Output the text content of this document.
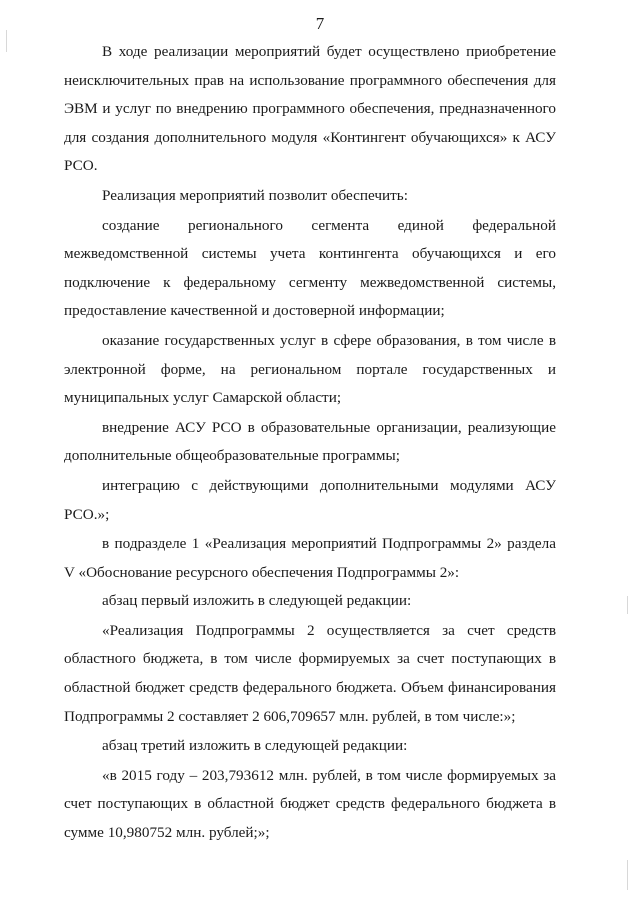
7

В ходе реализации мероприятий будет осуществлено приобретение неисключительных прав на использование программного обеспечения для ЭВМ и услуг по внедрению программного обеспечения, предназначенного для создания дополнительного модуля «Контингент обучающихся» к АСУ РСО.

Реализация мероприятий позволит обеспечить:

создание регионального сегмента единой федеральной межведомственной системы учета контингента обучающихся и его подключение к федеральному сегменту межведомственной системы, предоставление качественной и достоверной информации;

оказание государственных услуг в сфере образования, в том числе в электронной форме, на региональном портале государственных и муниципальных услуг Самарской области;

внедрение АСУ РСО в образовательные организации, реализующие дополнительные общеобразовательные программы;

интеграцию с действующими дополнительными модулями АСУ РСО.»;

в подразделе 1 «Реализация мероприятий Подпрограммы 2» раздела V «Обоснование ресурсного обеспечения Подпрограммы 2»:

абзац первый изложить в следующей редакции:

«Реализация Подпрограммы 2 осуществляется за счет средств областного бюджета, в том числе формируемых за счет поступающих в областной бюджет средств федерального бюджета. Объем финансирования Подпрограммы 2 составляет 2 606,709657 млн. рублей, в том числе:»;

абзац третий изложить в следующей редакции:

«в 2015 году – 203,793612 млн. рублей, в том числе формируемых за счет поступающих в областной бюджет средств федерального бюджета в сумме 10,980752 млн. рублей;»;
